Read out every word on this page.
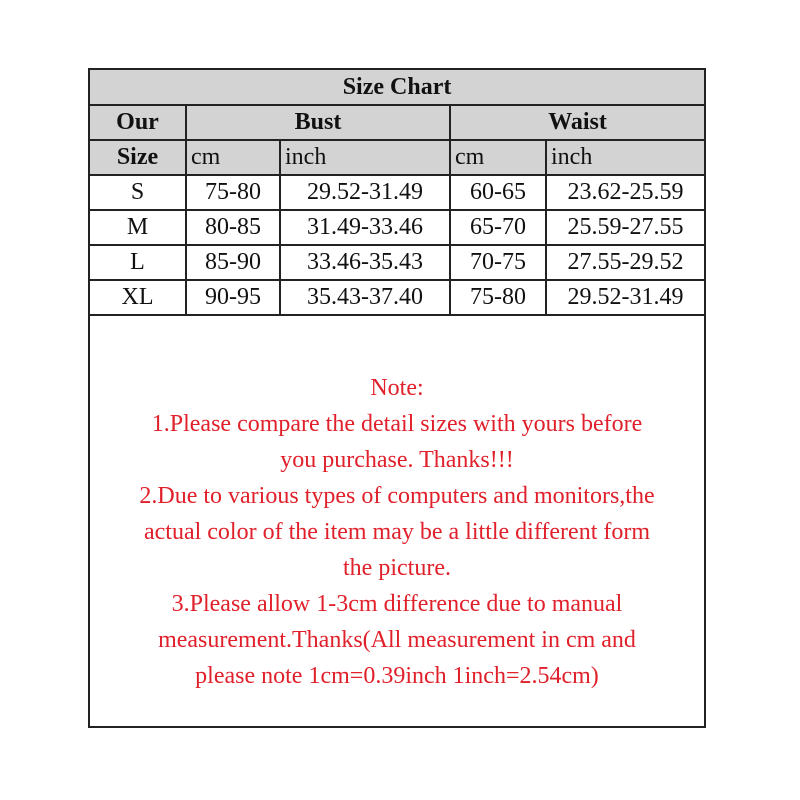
Size Chart				
Our	Bust		Waist	
Size	cm	inch	cm	inch
S	75-80	29.52-31.49	60-65	23.62-25.59
M	80-85	31.49-33.46	65-70	25.59-27.55
L	85-90	33.46-35.43	70-75	27.55-29.52
XL	90-95	35.43-37.40	75-80	29.52-31.49
Note:
1.Please compare the detail sizes with yours before
you purchase. Thanks!!!
2.Due to various types of computers and monitors,the
actual color of the item may be a little different form
the picture.
3.Please allow 1-3cm difference due to manual
measurement.Thanks(All measurement in cm and
please note 1cm=0.39inch 1inch=2.54cm)
